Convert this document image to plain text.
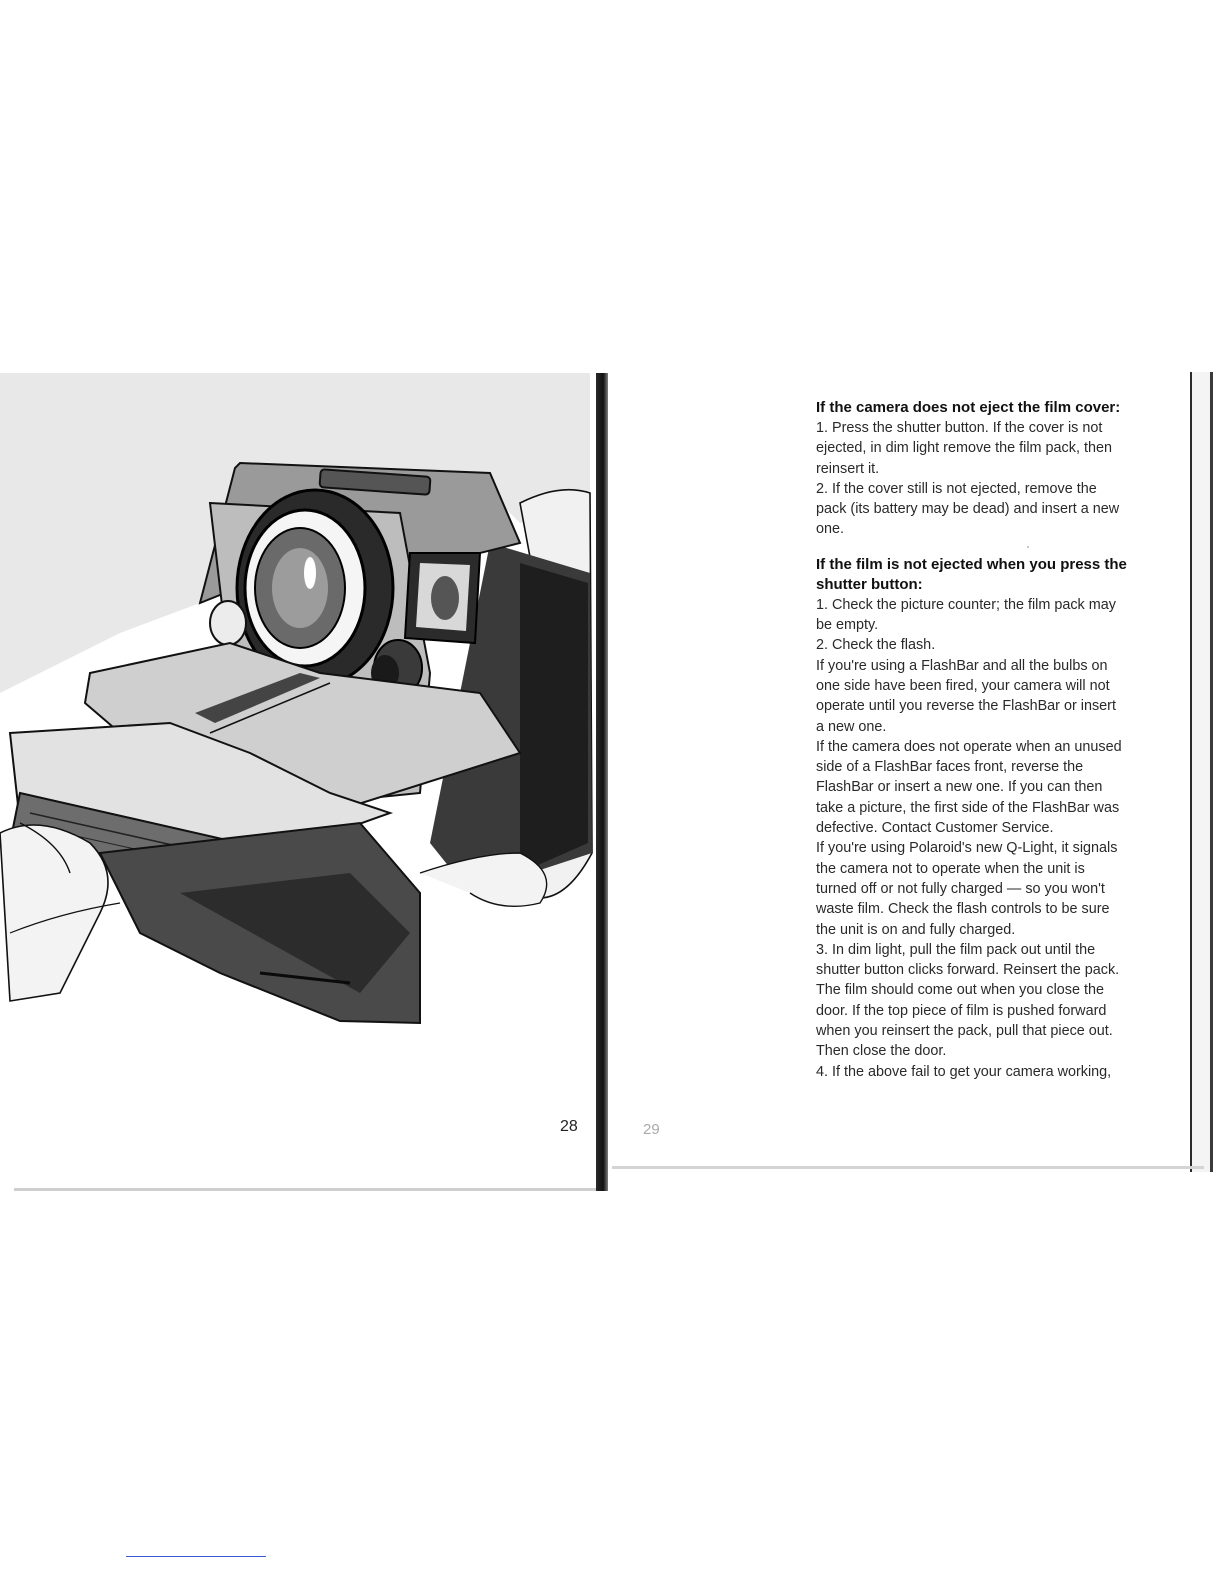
28	29
If the camera does not eject the film cover:

1. Press the shutter button. If the cover is not

ejected, in dim light remove the film pack, then

reinsert it.

2. If the cover still is not ejected, remove the

pack (its battery may be dead) and insert a new

one.

If the film is not ejected when you press the
shutter button:

1. Check the picture counter; the film pack may

be empty.

2. Check the flash.

If you're using a FlashBar and all the bulbs on

one side have been fired, your camera will not

operate until you reverse the FlashBar or insert

a new one.

If the camera does not operate when an unused

side of a FlashBar faces front, reverse the

FlashBar or insert a new one. If you can then

take a picture, the first side of the FlashBar was

defective. Contact Customer Service.

If you're using Polaroid's new Q-Light, it signals

the camera not to operate when the unit is

turned off or not fully charged — so you won't

waste film. Check the flash controls to be sure

the unit is on and fully charged.

3. In dim light, pull the film pack out until the

shutter button clicks forward. Reinsert the pack.

The film should come out when you close the

door. If the top piece of film is pushed forward

when you reinsert the pack, pull that piece out.

Then close the door.

4. If the above fail to get your camera working,
